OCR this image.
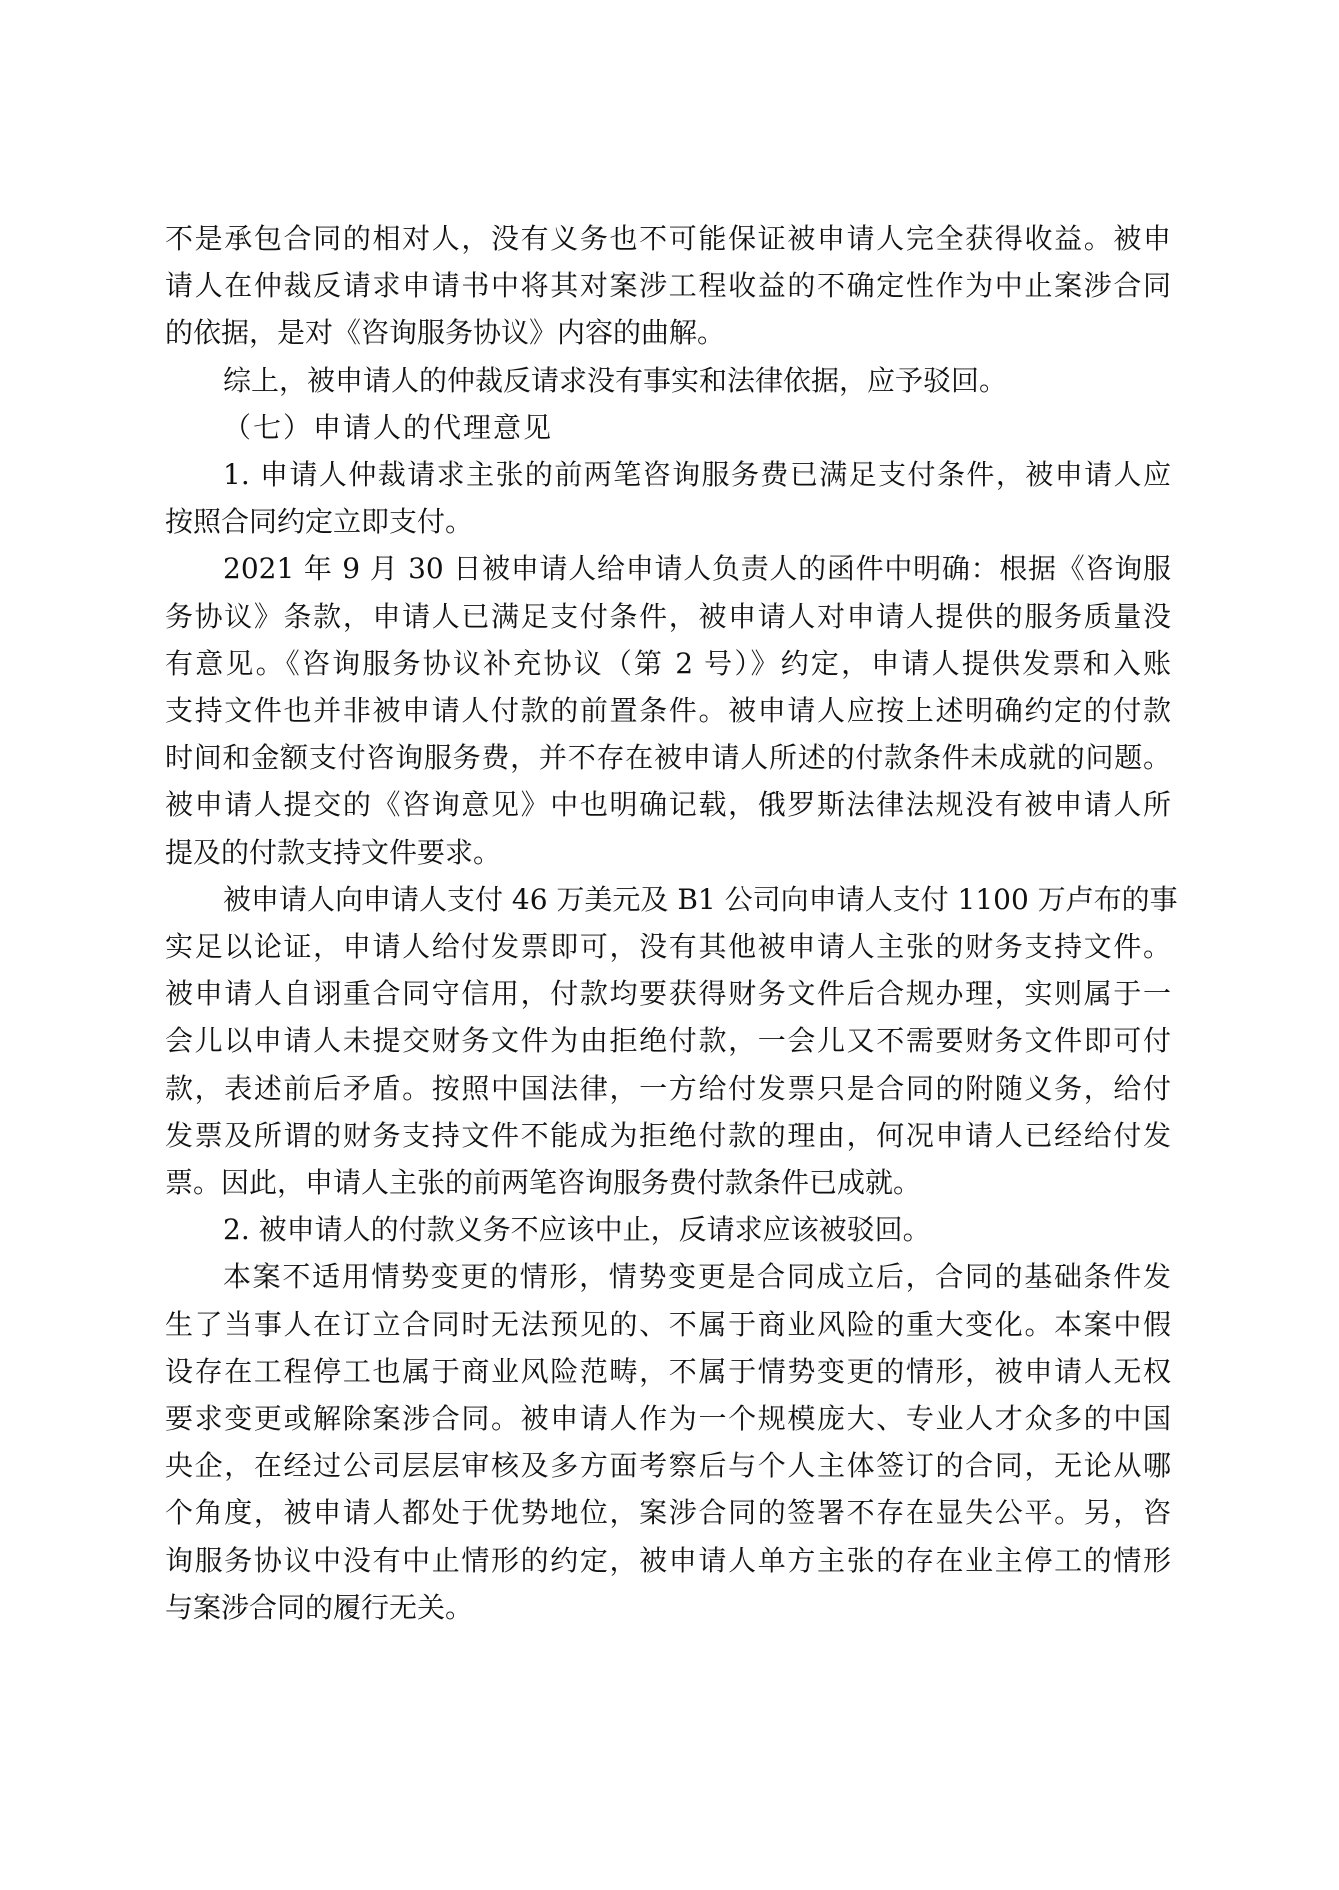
不是承包合同的相对人，没有义务也不可能保证被申请人完全获得收益。被申
请人在仲裁反请求申请书中将其对案涉工程收益的不确定性作为中止案涉合同
的依据，是对《咨询服务协议》内容的曲解。
综上，被申请人的仲裁反请求没有事实和法律依据，应予驳回。
（七）申请人的代理意见
1. 申请人仲裁请求主张的前两笔咨询服务费已满足支付条件，被申请人应
按照合同约定立即支付。
2021 年 9 月 30 日被申请人给申请人负责人的函件中明确：根据《咨询服
务协议》条款，申请人已满足支付条件，被申请人对申请人提供的服务质量没
有意见。《咨询服务协议补充协议（第 2 号）》约定，申请人提供发票和入账
支持文件也并非被申请人付款的前置条件。被申请人应按上述明确约定的付款
时间和金额支付咨询服务费，并不存在被申请人所述的付款条件未成就的问题。
被申请人提交的《咨询意见》中也明确记载，俄罗斯法律法规没有被申请人所
提及的付款支持文件要求。
被申请人向申请人支付 46 万美元及 B1 公司向申请人支付 1100 万卢布的事
实足以论证，申请人给付发票即可，没有其他被申请人主张的财务支持文件。
被申请人自诩重合同守信用，付款均要获得财务文件后合规办理，实则属于一
会儿以申请人未提交财务文件为由拒绝付款，一会儿又不需要财务文件即可付
款，表述前后矛盾。按照中国法律，一方给付发票只是合同的附随义务，给付
发票及所谓的财务支持文件不能成为拒绝付款的理由，何况申请人已经给付发
票。因此，申请人主张的前两笔咨询服务费付款条件已成就。
2. 被申请人的付款义务不应该中止，反请求应该被驳回。
本案不适用情势变更的情形，情势变更是合同成立后，合同的基础条件发
生了当事人在订立合同时无法预见的、不属于商业风险的重大变化。本案中假
设存在工程停工也属于商业风险范畴，不属于情势变更的情形，被申请人无权
要求变更或解除案涉合同。被申请人作为一个规模庞大、专业人才众多的中国
央企，在经过公司层层审核及多方面考察后与个人主体签订的合同，无论从哪
个角度，被申请人都处于优势地位，案涉合同的签署不存在显失公平。另，咨
询服务协议中没有中止情形的约定，被申请人单方主张的存在业主停工的情形
与案涉合同的履行无关。
